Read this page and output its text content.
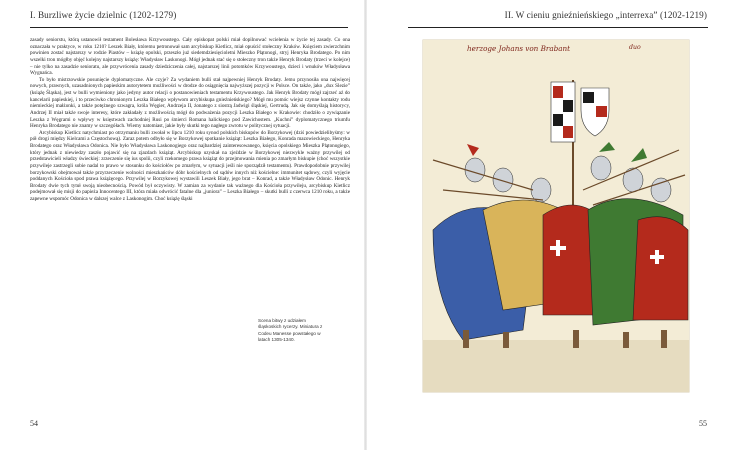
I. Burzliwe życie dzielnic (1202-1279)

zasady seniorstu, którą ustanowił testament Bolesława Krzywoustego. Cały episkopat polski miał dopilnować wcielenia w życie tej zasady. Co ona oznaczała w praktyce, w roku 1210? Leszek Biały, któremu petronował sam arcybiskup Kietlicz, miał opuścić stołeczny Kraków. Księciem zwierzchnim powinien zostać najstarszy w rodzie Piastów – książę opolski, przeszło już siedemdziesięcioletni Mieszko Plątonogi, stryj Henryka Brodatego. Po nim wszelki tron mógłby objęć kolejny najstarszy książę: Władysław Laskonogi. Mógł jednak stać się o stołeczny tron także Henryk Brodaty (trzeci w kolejce) – nie tylko na zasadzie senioratu, ale przywrócenia zasady dziedziczenia całej, najstarszej linii potomków Krzywoustego, dzieci i wnuków Władysława Wygnańca.

To było mistrzowskie posunięcie dyplomatyczne. Ale czyje? Za wydaniem bulli stał najpewniej Henryk Brodaty. Jemu przynosiła ona najwięcej nowych, prawnych, uzasadnionych papieskim autorytetem możliwości w drodze do osiągnięcia najwyższej pozycji w Polsce. On także, jako „dux Slezie” (książę Śląska), jest w bulli wymieniony jako jedyny autor relacji o postanowieniach testamentu Krzywoustego. Jak Henryk Brodaty mógł zajrzeć aż do kancelarii papieskiej, i to przeciwko chronionym Leszka Białego wpływom arcybiskupa gnieźnieńskiego? Mógł mu pomóc wiejsz czynne kontakty rodu niemieckiej małżonki, a także potężnego szwagra, króla Węgier, Andrzeja II, żonatego z siostrą Jadwigi śląskiej, Gertrudą. Jak się domyślają historycy, Andrzej II miał także swoje interesy, które zakładały z możliwością mógł do podważenia pozycji Leszka Białego w Krakowie: chodziło o zywiązanie Leszka z Węgrami o wpływy w księstwach zachodniej Rusi po śmierci Romana halickiego pod Zawichostem. „Kuchni” dyplomatycznego triumfu Henryka Brodatego nie znamy w szczegółach. Wiemy natomiast, jakie były skutki tego nagłego zwrotu w politycznej sytuacji.

Arcybiskup Kietlicz natychmiast po otrzymaniu bulli zwołał w lipcu 1210 roku synod polskich biskupów do Borzykowej (dziś powiedzielibyśmy: w pół drogi między Kielcami a Częstochową). Zaraz potem odbyło się w Borzykowej spotkanie książąt: Leszka Białego, Konrada mazowieckiego, Henryka Brodatego oraz Władysława Odonica. Nie było Władysława Laskonogiego oraz najbardziej zainteresowanego, księcia opolskiego Mieszka Plątonogiego, który jednak z niewiedzy zaszło pojawić się na zjazdach książąt. Arcybiskup uzyskał na zjeździe w Borzykowej niezwykle ważny przywilej od przedstawicieli władzy świeckiej: zrzeczenie się ius spolii, czyli rzekomego prawa książąt do przejmowania mienia po zmarłym biskupie (choć wszystkie przywileje zastrzegli sobie nadal to prawo w stosunku do kościołów po zmarłym, w sytuacji jeśli nie sporządził testamentu). Prawdopodobnie przywilej borzykowski obejmował także przyrzeczenie wolności mieszkańców dóbr kościelnych od sądów innych niż kościelne: immunitet sądowy, czyli wyjęcie poddanych Kościoła spod prawa książęcego. Przywilej w Borzykowej wystawili Leszek Biały, jego brat – Konrad, a także Władysław Odonic. Henryk Brodaty dwie tych tytuł swoją nieobecnością. Powód był oczywisty. W zamian za wydanie tak ważnego dla Kościoła przywileju, arcybiskup Kietlicz podejmował się misji do papieża Innocentego III, która miała odwrócić fatalne dla „juniora” – Leszka Białego – skutki bulli z czerwca 1210 roku, a także zapewne wspomóc Odonica w dalszej walce z Laskonogim. Choć książę śląski

Scena bitwy z udziałem śląskoskich rycerzy. Miniatura z Codeu Manesse powstałego w latach 1305-1340.
54
II. W cieniu gnieźnieńskiego „interrexa” (1202-1219)
55
herzoge Johans von Brabant	duo
